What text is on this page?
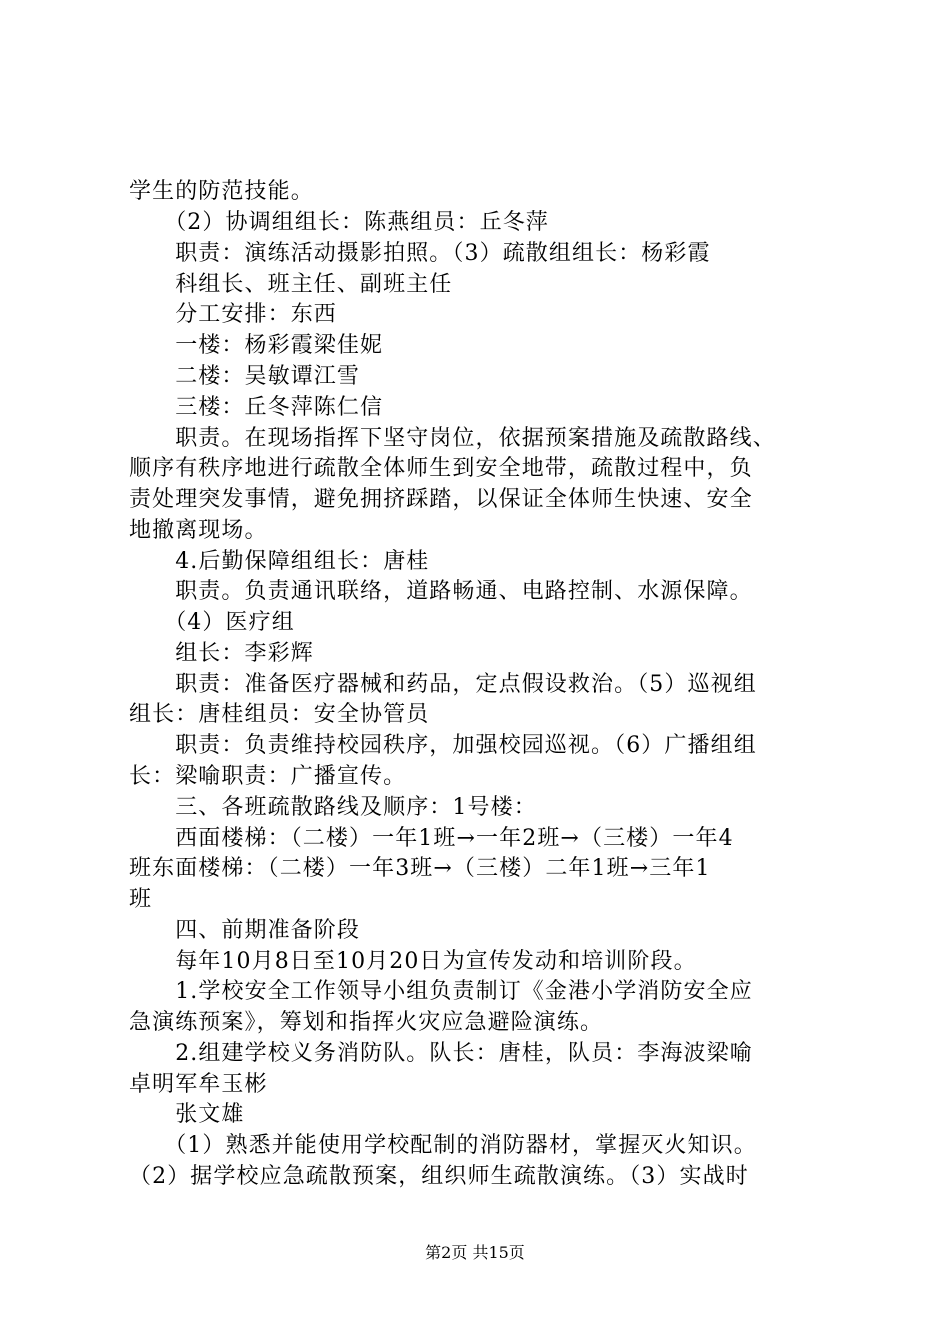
学生的防范技能。
　　（2）协调组组长：陈燕组员：丘冬萍
　　职责：演练活动摄影拍照。（3）疏散组组长：杨彩霞
　　科组长、班主任、副班主任
　　分工安排：东西
　　一楼：杨彩霞梁佳妮
　　二楼：吴敏谭江雪
　　三楼：丘冬萍陈仁信
　　职责。在现场指挥下坚守岗位，依据预案措施及疏散路线、
顺序有秩序地进行疏散全体师生到安全地带，疏散过程中，负
责处理突发事情，避免拥挤踩踏，以保证全体师生快速、安全
地撤离现场。
　　4.后勤保障组组长：唐桂
　　职责。负责通讯联络，道路畅通、电路控制、水源保障。
　　（4）医疗组
　　组长：李彩辉
　　职责：准备医疗器械和药品，定点假设救治。（5）巡视组
组长：唐桂组员：安全协管员
　　职责：负责维持校园秩序，加强校园巡视。（6）广播组组
长：梁喻职责：广播宣传。
　　三、各班疏散路线及顺序：1号楼：
　　西面楼梯：（二楼）一年1班→一年2班→（三楼）一年4
班东面楼梯：（二楼）一年3班→（三楼）二年1班→三年1
班
　　四、前期准备阶段
　　每年10月8日至10月20日为宣传发动和培训阶段。
　　1.学校安全工作领导小组负责制订《金港小学消防安全应
急演练预案》，筹划和指挥火灾应急避险演练。
　　2.组建学校义务消防队。队长：唐桂，队员：李海波梁喻
卓明军牟玉彬
　　张文雄
　　（1）熟悉并能使用学校配制的消防器材，掌握灭火知识。
（2）据学校应急疏散预案，组织师生疏散演练。（3）实战时
第2页 共15页
